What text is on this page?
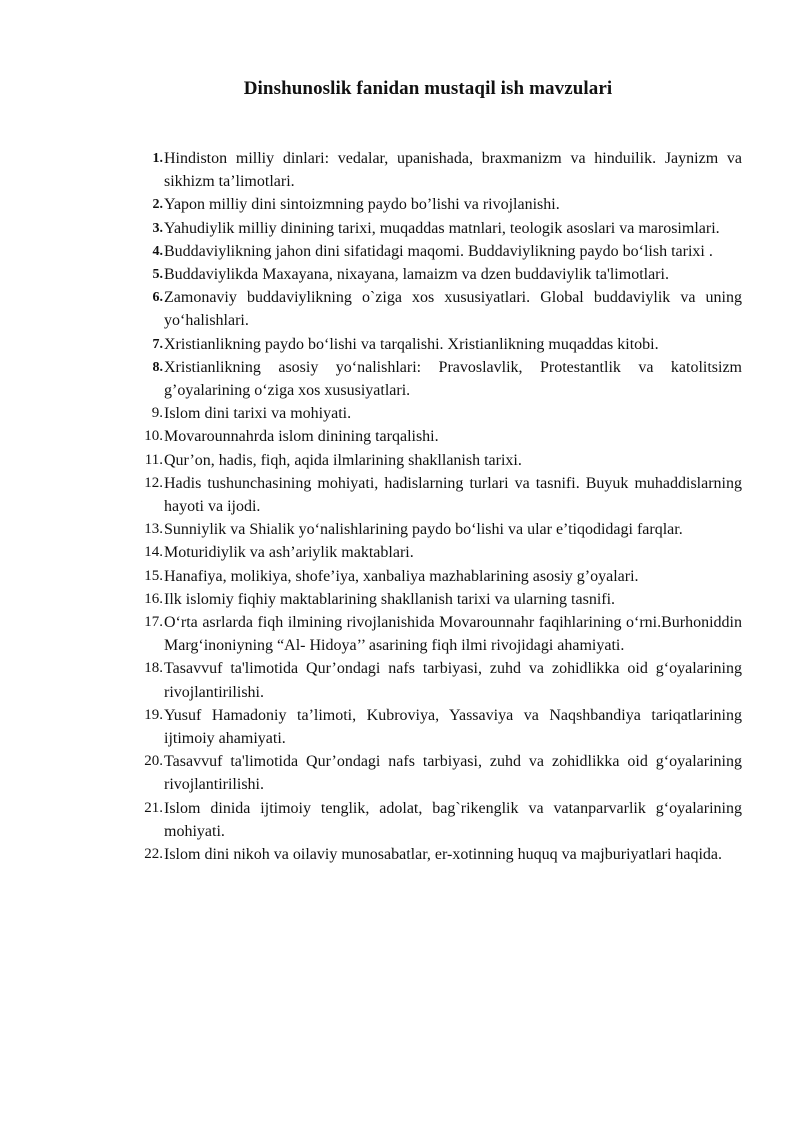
Dinshunoslik fanidan mustaqil ish mavzulari
1. Hindiston milliy dinlari: vedalar, upanishada, braxmanizm va hinduilik. Jaynizm va sikhizm ta’limotlari.
2. Yapon milliy dini sintoizmning paydo bo’lishi va rivojlanishi.
3. Yahudiylik milliy dinining tarixi, muqaddas matnlari, teologik asoslari va marosimlari.
4. Buddaviylikning jahon dini sifatidagi maqomi. Buddaviylikning paydo bo‘lish tarixi .
5. Buddaviylikda Maxayana, nixayana, lamaizm va dzen buddaviylik ta'limotlari.
6. Zamonaviy buddaviylikning o`ziga xos xususiyatlari. Global buddaviylik va uning yo‘halishlari.
7. Xristianlikning paydo bo‘lishi va tarqalishi. Xristianlikning muqaddas kitobi.
8. Xristianlikning asosiy yo‘nalishlari: Pravoslavlik, Protestantlik va katolitsizm g’oyalarining o‘ziga xos xususiyatlari.
9. Islom dini tarixi va mohiyati.
10. Movarounnahrda islom dinining tarqalishi.
11. Qur’on, hadis, fiqh, aqida ilmlarining shakllanish tarixi.
12. Hadis tushunchasining mohiyati, hadislarning turlari va tasnifi. Buyuk muhaddislarning hayoti va ijodi.
13. Sunniylik va Shialik yo‘nalishlarining paydo bo‘lishi va ular e’tiqodidagi farqlar.
14. Moturidiylik va ash’ariylik maktablari.
15. Hanafiya, molikiya, shofe’iya, xanbaliya mazhablarining asosiy g’oyalari.
16. Ilk islomiy fiqhiy maktablarining shakllanish tarixi va ularning tasnifi.
17. O‘rta asrlarda fiqh ilmining rivojlanishida Movarounnahr faqihlarining o‘rni.Burhoniddin Marg‘inoniyning “Al- Hidoya’’ asarining fiqh ilmi rivojidagi ahamiyati.
18. Tasavvuf ta'limotida Qur’ondagi nafs tarbiyasi, zuhd va zohidlikka oid g‘oyalarining rivojlantirilishi.
19. Yusuf Hamadoniy ta’limoti, Kubroviya, Yassaviya va Naqshbandiya tariqatlarining ijtimoiy ahamiyati.
20. Tasavvuf ta'limotida Qur’ondagi nafs tarbiyasi, zuhd va zohidlikka oid g‘oyalarining rivojlantirilishi.
21. Islom dinida ijtimoiy tenglik, adolat, bag`rikenglik va vatanparvarlik g‘oyalarining mohiyati.
22. Islom dini nikoh va oilaviy munosabatlar, er-xotinning huquq va majburiyatlari haqida.
